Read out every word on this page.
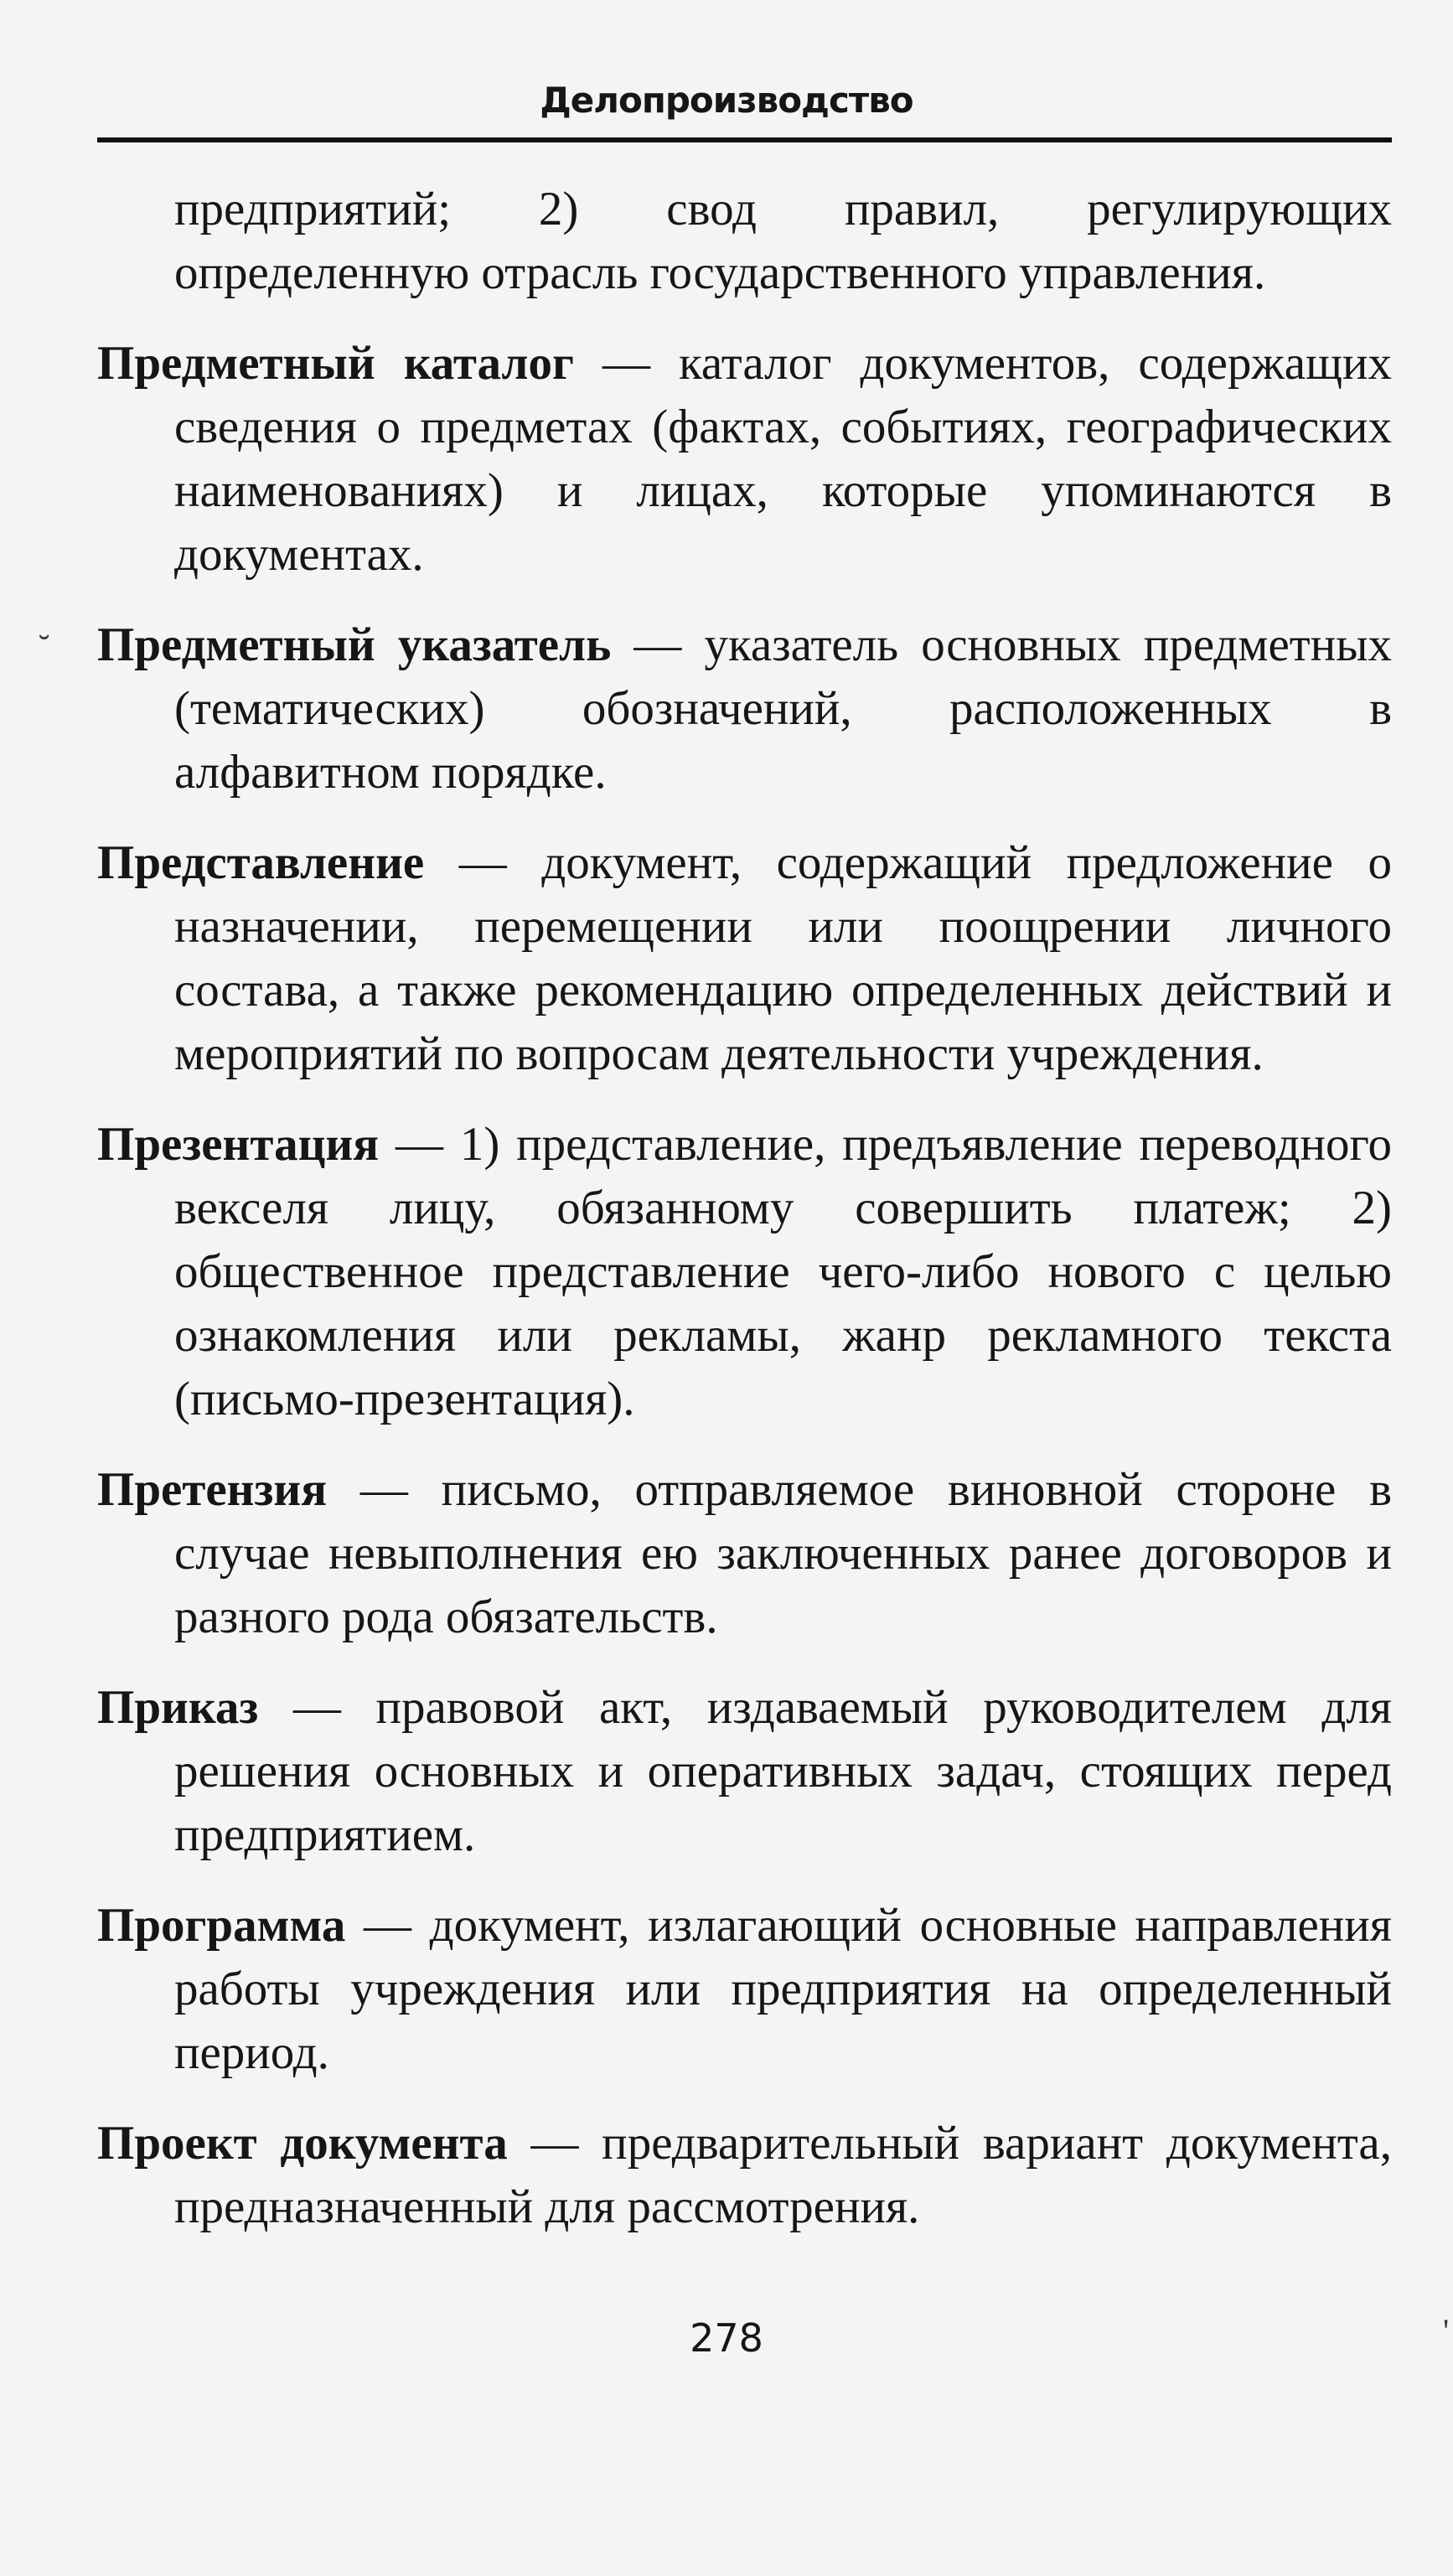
Делопроизводство
˘
'

предприятий; 2) свод правил, регулирующих определенную отрасль государственного управления.

Предметный каталог — каталог документов, содержащих сведения о предметах (фактах, событиях, географических наименованиях) и лицах, которые упоминаются в документах.

Предметный указатель — указатель основных предметных (тематических) обозначений, расположенных в алфавитном порядке.

Представление — документ, содержащий предложение о назначении, перемещении или поощрении личного состава, а также рекомендацию определенных действий и мероприятий по вопросам деятельности учреждения.

Презентация — 1) представление, предъявление переводного векселя лицу, обязанному совершить платеж; 2) общественное представление чего-либо нового с целью ознакомления или рекламы, жанр рекламного текста (письмо-презентация).

Претензия — письмо, отправляемое виновной стороне в случае невыполнения ею заключенных ранее договоров и разного рода обязательств.

Приказ — правовой акт, издаваемый руководителем для решения основных и оперативных задач, стоящих перед предприятием.

Программа — документ, излагающий основные направления работы учреждения или предприятия на определенный период.

Проект документа — предварительный вариант документа, предназначенный для рассмотрения.

278
